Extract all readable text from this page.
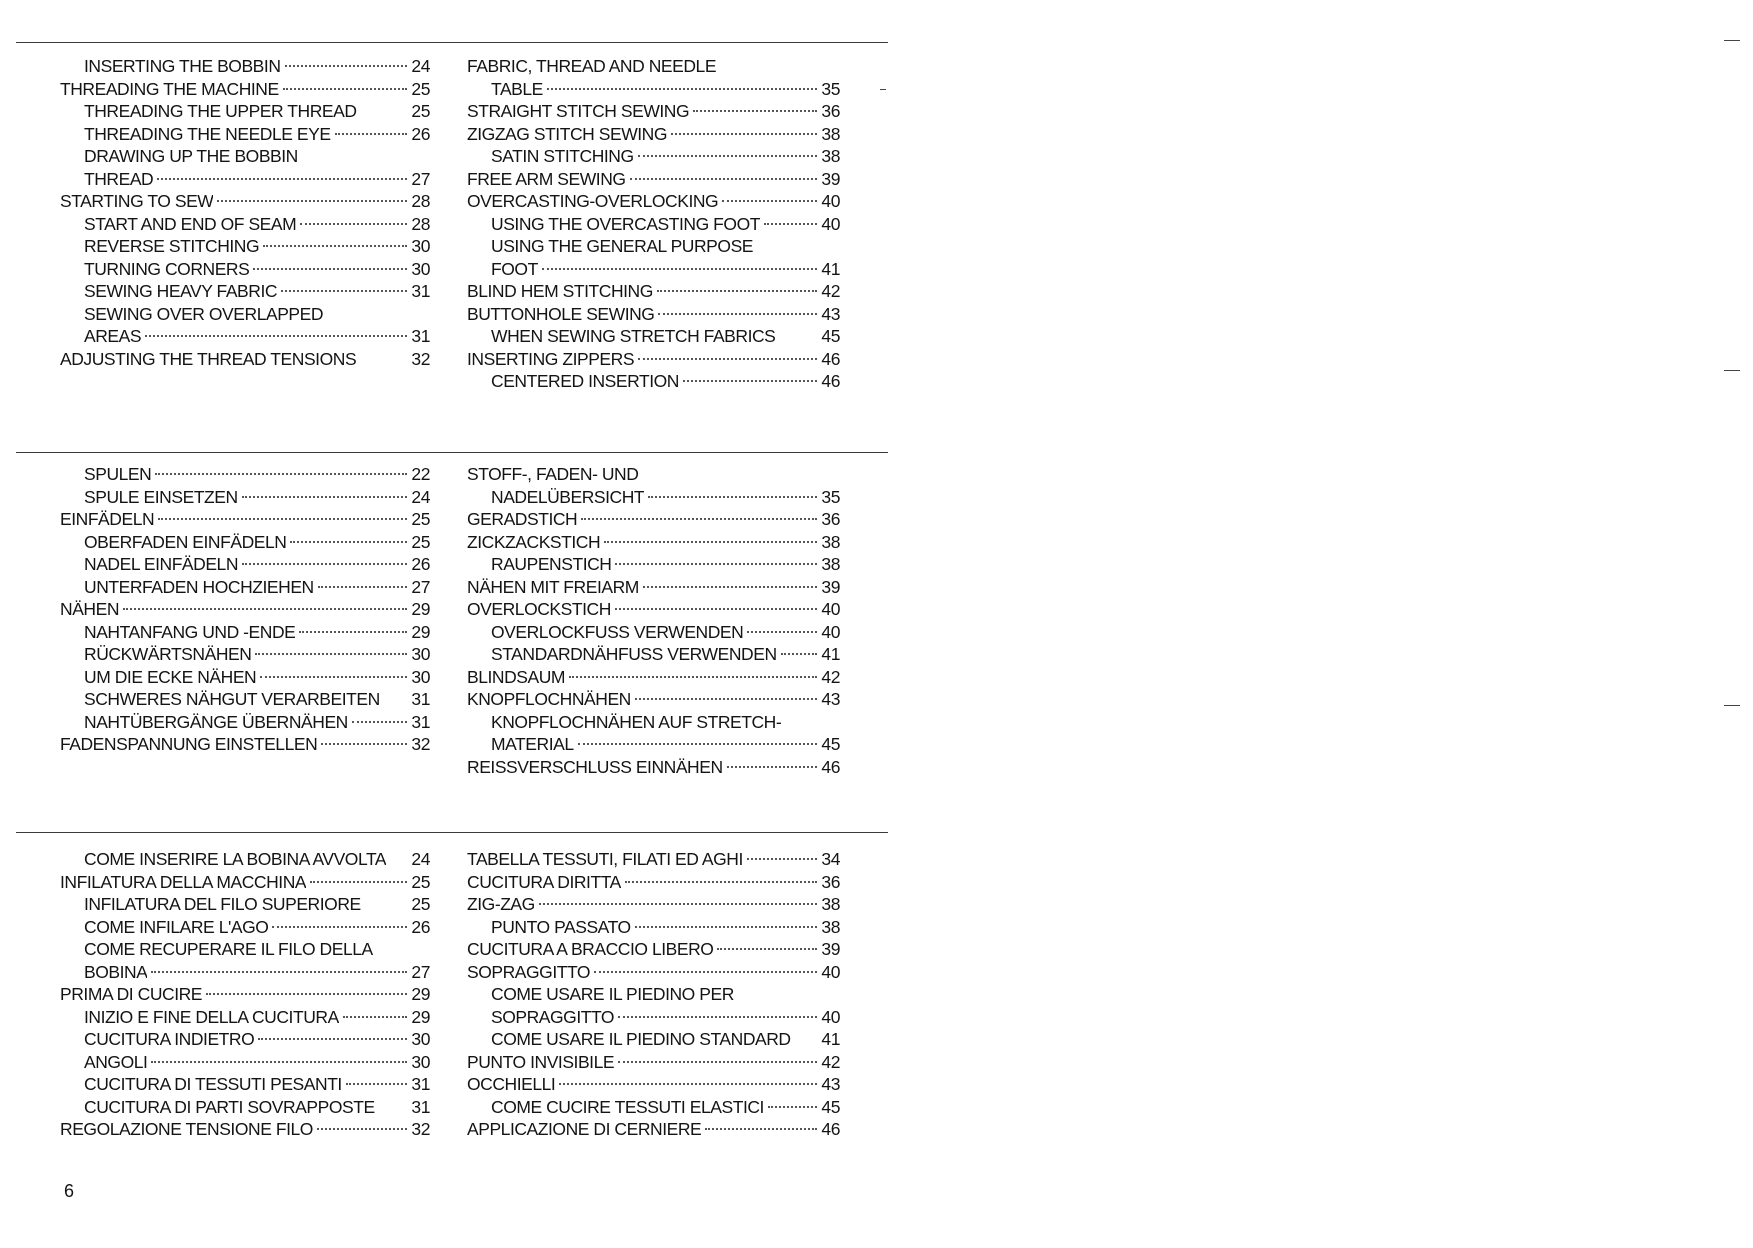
INSERTING THE BOBBIN	24
THREADING THE MACHINE	25
THREADING THE UPPER THREAD	25
THREADING THE NEEDLE EYE	26
DRAWING UP THE BOBBIN
THREAD	27
STARTING TO SEW	28
START AND END OF SEAM	28
REVERSE STITCHING	30
TURNING CORNERS	30
SEWING HEAVY FABRIC	31
SEWING OVER OVERLAPPED
AREAS	31
ADJUSTING THE THREAD TENSIONS	32
FABRIC, THREAD AND NEEDLE
TABLE	35
STRAIGHT STITCH SEWING	36
ZIGZAG STITCH SEWING	38
SATIN STITCHING	38
FREE ARM SEWING	39
OVERCASTING-OVERLOCKING	40
USING THE OVERCASTING FOOT	40
USING THE GENERAL PURPOSE
FOOT	41
BLIND HEM STITCHING	42
BUTTONHOLE SEWING	43
WHEN SEWING STRETCH FABRICS	45
INSERTING ZIPPERS	46
CENTERED INSERTION	46
SPULEN	22
SPULE EINSETZEN	24
EINFÄDELN	25
OBERFADEN EINFÄDELN	25
NADEL EINFÄDELN	26
UNTERFADEN HOCHZIEHEN	27
NÄHEN	29
NAHTANFANG UND -ENDE	29
RÜCKWÄRTSNÄHEN	30
UM DIE ECKE NÄHEN	30
SCHWERES NÄHGUT VERARBEITEN 31
NAHTÜBERGÄNGE ÜBERNÄHEN	31
FADENSPANNUNG EINSTELLEN	32
STOFF-, FADEN- UND
NADELÜBERSICHT	35
GERADSTICH	36
ZICKZACKSTICH	38
RAUPENSTICH	38
NÄHEN MIT FREIARM	39
OVERLOCKSTICH	40
OVERLOCKFUSS VERWENDEN	40
STANDARDNÄHFUSS VERWENDEN	41
BLINDSAUM	42
KNOPFLOCHNÄHEN	43
KNOPFLOCHNÄHEN AUF STRETCH-
MATERIAL	45
REISSVERSCHLUSS EINNÄHEN	46
COME INSERIRE LA BOBINA AVVOLTA 24
INFILATURA DELLA MACCHINA	25
INFILATURA DEL FILO SUPERIORE	25
COME INFILARE L'AGO	26
COME RECUPERARE IL FILO DELLA
BOBINA	27
PRIMA DI CUCIRE	29
INIZIO E FINE DELLA CUCITURA	29
CUCITURA INDIETRO	30
ANGOLI	30
CUCITURA DI TESSUTI PESANTI	31
CUCITURA DI PARTI SOVRAPPOSTE 31
REGOLAZIONE TENSIONE FILO	32
TABELLA TESSUTI, FILATI ED AGHI	34
CUCITURA DIRITTA	36
ZIG-ZAG	38
PUNTO PASSATO	38
CUCITURA A BRACCIO LIBERO	39
SOPRAGGITTO	40
COME USARE IL PIEDINO PER
SOPRAGGITTO	40
COME USARE IL PIEDINO STANDARD 41
PUNTO INVISIBILE	42
OCCHIELLI	43
COME CUCIRE TESSUTI ELASTICI	45
APPLICAZIONE DI CERNIERE	46
6
